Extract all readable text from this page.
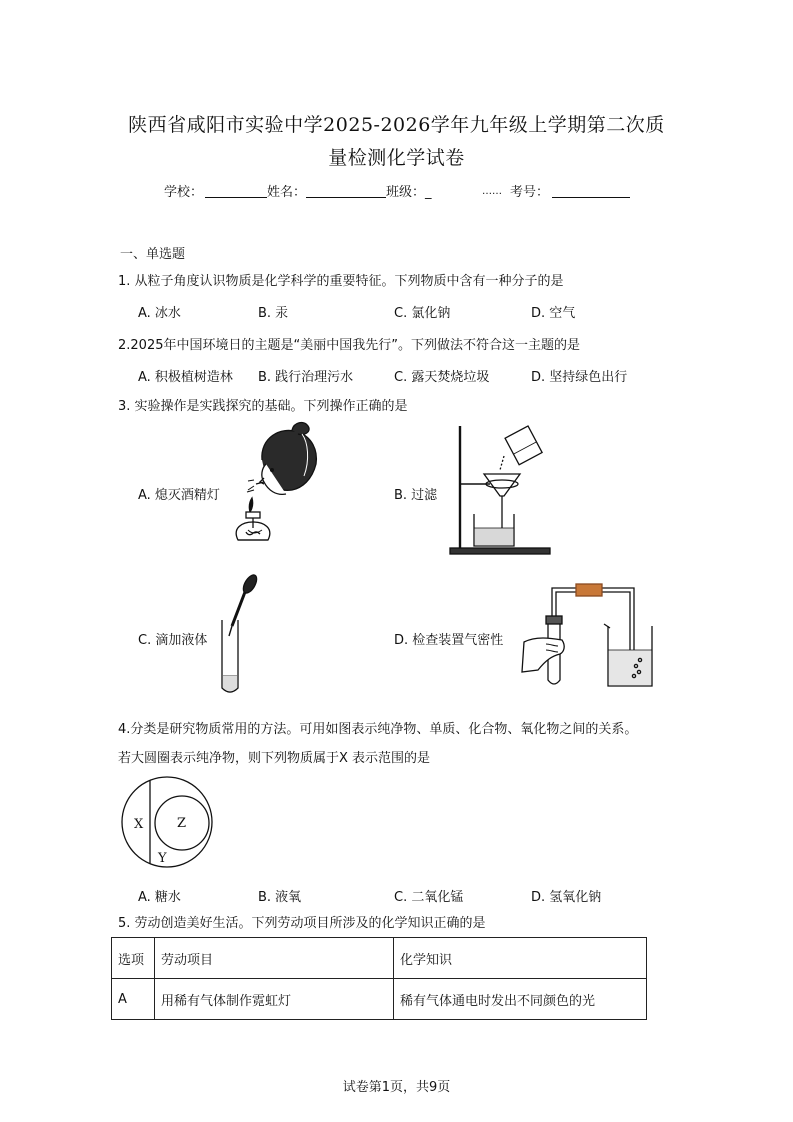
陕西省咸阳市实验中学2025-2026学年九年级上学期第二次质
量检测化学试卷
学校：	姓名：	班级：_	…… 考号：
一、单选题
1. 从粒子角度认识物质是化学科学的重要特征。下列物质中含有一种分子的是
A. 冰水	B. 汞	C. 氯化钠	D. 空气
2.2025年中国环境日的主题是“美丽中国我先行”。下列做法不符合这一主题的是
A. 积极植树造林 B. 践行治理污水	C. 露天焚烧垃圾	D. 坚持绿色出行
3. 实验操作是实践探究的基础。下列操作正确的是
A. 熄灭酒精灯	B. 过滤
C. 滴加液体	D. 检查装置气密性
4.分类是研究物质常用的方法。可用如图表示纯净物、单质、化合物、氧化物之间的关系。
若大圆圈表示纯净物，则下列物质属于X 表示范围的是
X	Z
Y
A. 糖水	B. 液氧	C. 二氧化锰	D. 氢氧化钠
5. 劳动创造美好生活。下列劳动项目所涉及的化学知识正确的是
选项	劳动项目	化学知识
A	用稀有气体制作霓虹灯	稀有气体通电时发出不同颜色的光
试卷第1页，共9页
